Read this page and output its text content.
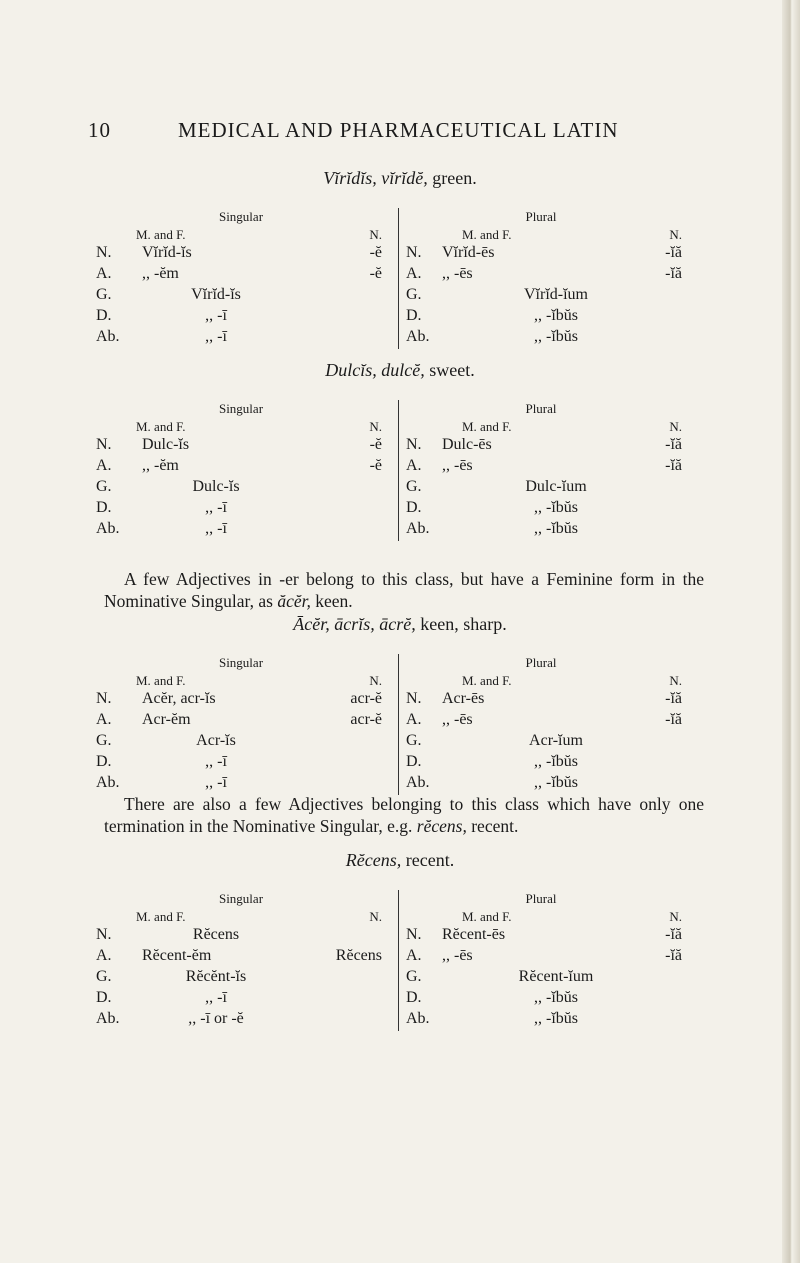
10	MEDICAL AND PHARMACEUTICAL LATIN
Vĭrĭdĭs, vĭrĭdĕ, green.
Singular
M. and F.	N.
N. Vĭrĭd-ĭs	-ĕ
A. ,, -ĕm	-ĕ
G.	Vĭrĭd-ĭs
D.	,, -ī
Ab.	,, -ī
Plural
M. and F.	N.
N. Vĭrĭd-ēs	-ĭă
A. ,, -ēs	-ĭă
G.	Vĭrĭd-ĭum
D.	,, -ĭbŭs
Ab.	,, -ĭbŭs
Dulcĭs, dulcĕ, sweet.
Singular
M. and F.	N.
N. Dulc-ĭs	-ĕ
A. ,, -ĕm	-ĕ
G.	Dulc-ĭs
D.	,, -ī
Ab.	,, -ī
Plural
M. and F.	N.
N. Dulc-ēs	-ĭă
A. ,, -ēs	-ĭă
G.	Dulc-ĭum
D.	,, -ĭbŭs
Ab.	,, -ĭbŭs
Ācĕr, ācrĭs, ācrĕ, keen, sharp.
Singular
M. and F.	N.
N. Acĕr, acr-ĭs	acr-ĕ
A. Acr-ĕm	acr-ĕ
G.	Acr-ĭs
D.	,, -ī
Ab.	,, -ī
Plural
M. and F.	N.
N. Acr-ēs	-ĭă
A. ,, -ēs	-ĭă
G.	Acr-ĭum
D.	,, -ĭbŭs
Ab.	,, -ĭbŭs
Rĕcens, recent.
Singular
M. and F.	N.
N.	Rĕcens
A. Rĕcent-ĕm	Rĕcens
G.	Rĕcĕnt-ĭs
D.	,, -ī
Ab.	,, -ī or -ĕ
Plural
M. and F.	N.
N. Rĕcent-ēs	-ĭă
A. ,, -ēs	-ĭă
G.	Rĕcent-ĭum
D.	,, -ĭbŭs
Ab.	,, -ĭbŭs
A few Adjectives in -er belong to this class, but have a Feminine form in the Nominative Singular, as ăcĕr, keen.
There are also a few Adjectives belonging to this class which have only one termination in the Nominative Singular, e.g. rĕcens, recent.
